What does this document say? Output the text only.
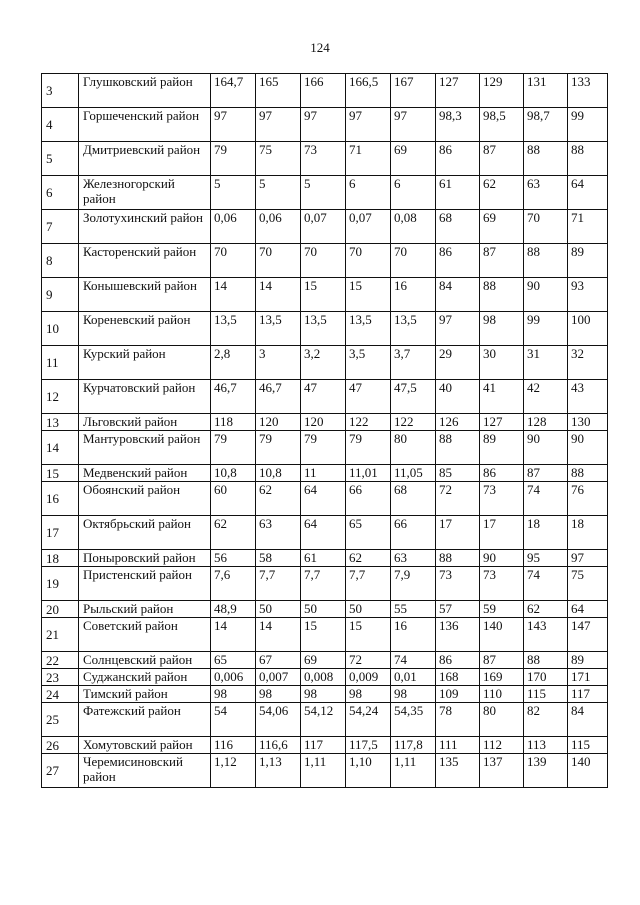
124
3	Глушковский район	164,7	165	166	166,5	167	127	129	131	133
4	Горшеченский район	97	97	97	97	97	98,3	98,5	98,7	99
5	Дмитриевский район	79	75	73	71	69	86	87	88	88
6	Железногорский район	5	5	5	6	6	61	62	63	64
7	Золотухинский район	0,06	0,06	0,07	0,07	0,08	68	69	70	71
8	Касторенский район	70	70	70	70	70	86	87	88	89
9	Конышевский район	14	14	15	15	16	84	88	90	93
10	Кореневский район	13,5	13,5	13,5	13,5	13,5	97	98	99	100
11	Курский район	2,8	3	3,2	3,5	3,7	29	30	31	32
12	Курчатовский район	46,7	46,7	47	47	47,5	40	41	42	43
13	Льговский район	118	120	120	122	122	126	127	128	130
14	Мантуровский район	79	79	79	79	80	88	89	90	90
15	Медвенский район	10,8	10,8	11	11,01	11,05	85	86	87	88
16	Обоянский район	60	62	64	66	68	72	73	74	76
17	Октябрьский район	62	63	64	65	66	17	17	18	18
18	Поныровский район	56	58	61	62	63	88	90	95	97
19	Пристенский район	7,6	7,7	7,7	7,7	7,9	73	73	74	75
20	Рыльский район	48,9	50	50	50	55	57	59	62	64
21	Советский район	14	14	15	15	16	136	140	143	147
22	Солнцевский район	65	67	69	72	74	86	87	88	89
23	Суджанский район	0,006	0,007	0,008	0,009	0,01	168	169	170	171
24	Тимский район	98	98	98	98	98	109	110	115	117
25	Фатежский район	54	54,06	54,12	54,24	54,35	78	80	82	84
26	Хомутовский район	116	116,6	117	117,5	117,8	111	112	113	115
27	Черемисиновский район	1,12	1,13	1,11	1,10	1,11	135	137	139	140
